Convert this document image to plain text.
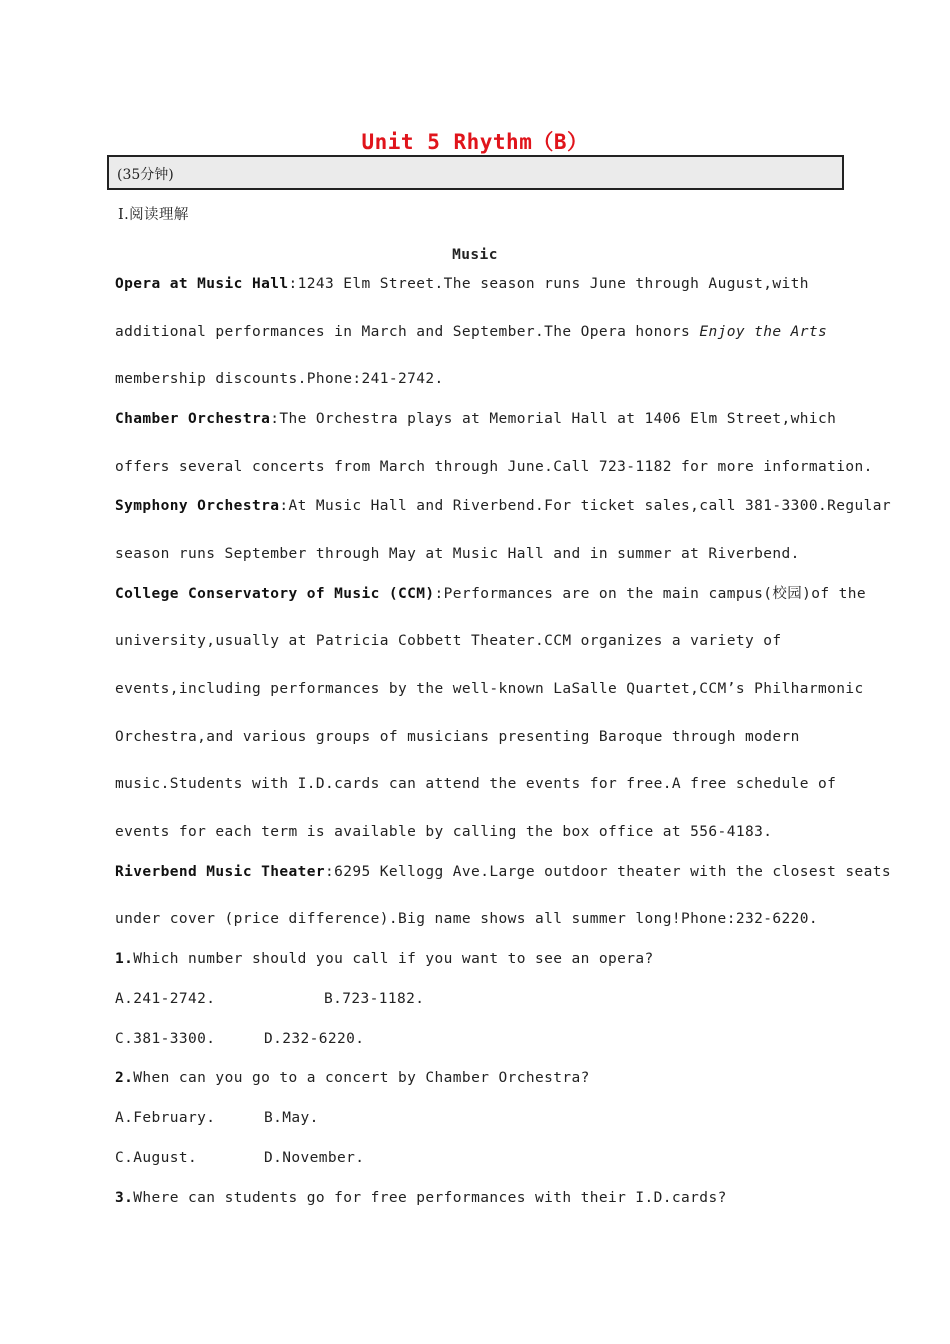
Unit 5 Rhythm（B）
(35分钟)
Ⅰ.阅读理解
Music
Opera at Music Hall:1243 Elm Street.The season runs June through August,with
additional performances in March and September.The Opera honors Enjoy the Arts
membership discounts.Phone:241-2742.
Chamber Orchestra:The Orchestra plays at Memorial Hall at 1406 Elm Street,which
offers several concerts from March through June.Call 723-1182 for more information.
Symphony Orchestra:At Music Hall and Riverbend.For ticket sales,call 381-3300.Regular
season runs September through May at Music Hall and in summer at Riverbend.
College Conservatory of Music (CCM):Performances are on the main campus(校园)of the
university,usually at Patricia Cobbett Theater.CCM organizes a variety of
events,including performances by the well-known LaSalle Quartet,CCM’s Philharmonic
Orchestra,and various groups of musicians presenting Baroque through modern
music.Students with I.D.cards can attend the events for free.A free schedule of
events for each term is available by calling the box office at 556-4183.
Riverbend Music Theater:6295 Kellogg Ave.Large outdoor theater with the closest seats
under cover (price difference).Big name shows all summer long!Phone:232-6220.
1.Which number should you call if you want to see an opera?
A.241-2742.	B.723-1182.
C.381-3300.	D.232-6220.
2.When can you go to a concert by Chamber Orchestra?
A.February.	B.May.
C.August.	D.November.
3.Where can students go for free performances with their I.D.cards?
